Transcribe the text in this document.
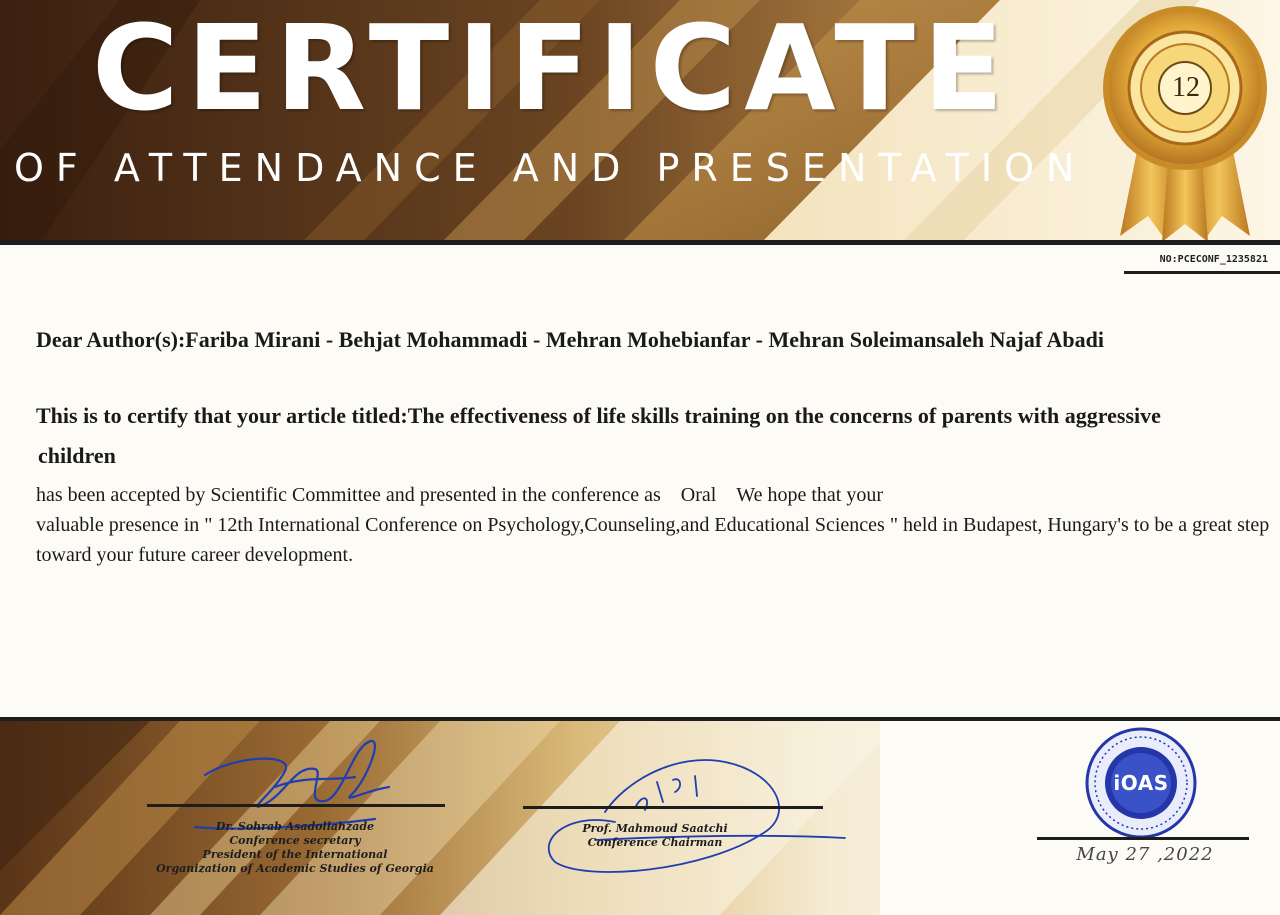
CERTIFICATE
OF ATTENDANCE AND PRESENTATION
12
NO:PCECONF_1235821
Dear Author(s):Fariba Mirani - Behjat Mohammadi - Mehran Mohebianfar - Mehran Soleimansaleh Najaf Abadi
This is to certify that your article titled:The effectiveness of life skills training on the concerns of parents with aggressive
children
has been accepted by Scientific Committee and presented in the conference as Oral We hope that your
valuable presence in " 12th International Conference on Psychology,Counseling,and Educational Sciences " held in Budapest, Hungary's to be a great step toward your future career development.
Dr. Sohrab Asadollahzade
Conference secretary
President of the International
Organization of Academic Studies of Georgia
Prof. Mahmoud Saatchi
Conference Chairman
iOAS
May 27 ,2022
